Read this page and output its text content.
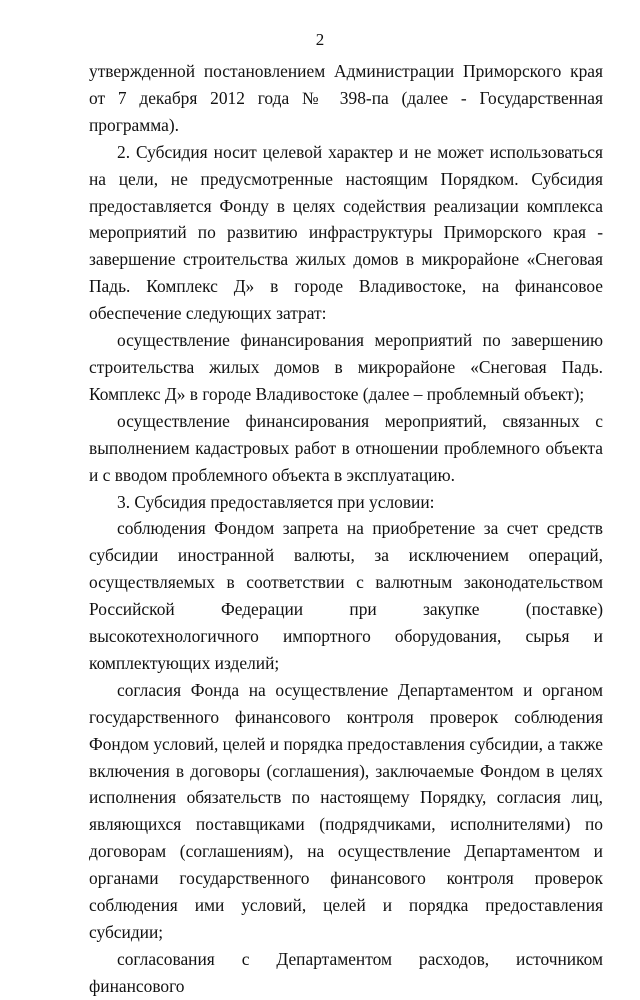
2

утвержденной постановлением Администрации Приморского края от 7 декабря 2012 года № 398-па (далее - Государственная программа).

2. Субсидия носит целевой характер и не может использоваться на цели, не предусмотренные настоящим Порядком. Субсидия предоставляется Фонду в целях содействия реализации комплекса мероприятий по развитию инфраструктуры Приморского края - завершение строительства жилых домов в микрорайоне «Снеговая Падь. Комплекс Д» в городе Владивостоке, на финансовое обеспечение следующих затрат:

осуществление финансирования мероприятий по завершению строительства жилых домов в микрорайоне «Снеговая Падь. Комплекс Д» в городе Владивостоке (далее – проблемный объект);

осуществление финансирования мероприятий, связанных с выполнением кадастровых работ в отношении проблемного объекта и с вводом проблемного объекта в эксплуатацию.

3. Субсидия предоставляется при условии:

соблюдения Фондом запрета на приобретение за счет средств субсидии иностранной валюты, за исключением операций, осуществляемых в соответствии с валютным законодательством Российской Федерации при закупке (поставке) высокотехнологичного импортного оборудования, сырья и комплектующих изделий;

согласия Фонда на осуществление Департаментом и органом государственного финансового контроля проверок соблюдения Фондом условий, целей и порядка предоставления субсидии, а также включения в договоры (соглашения), заключаемые Фондом в целях исполнения обязательств по настоящему Порядку, согласия лиц, являющихся поставщиками (подрядчиками, исполнителями) по договорам (соглашениям), на осуществление Департаментом и органами государственного финансового контроля проверок соблюдения ими условий, целей и порядка предоставления субсидии;

согласования с Департаментом расходов, источником финансового
